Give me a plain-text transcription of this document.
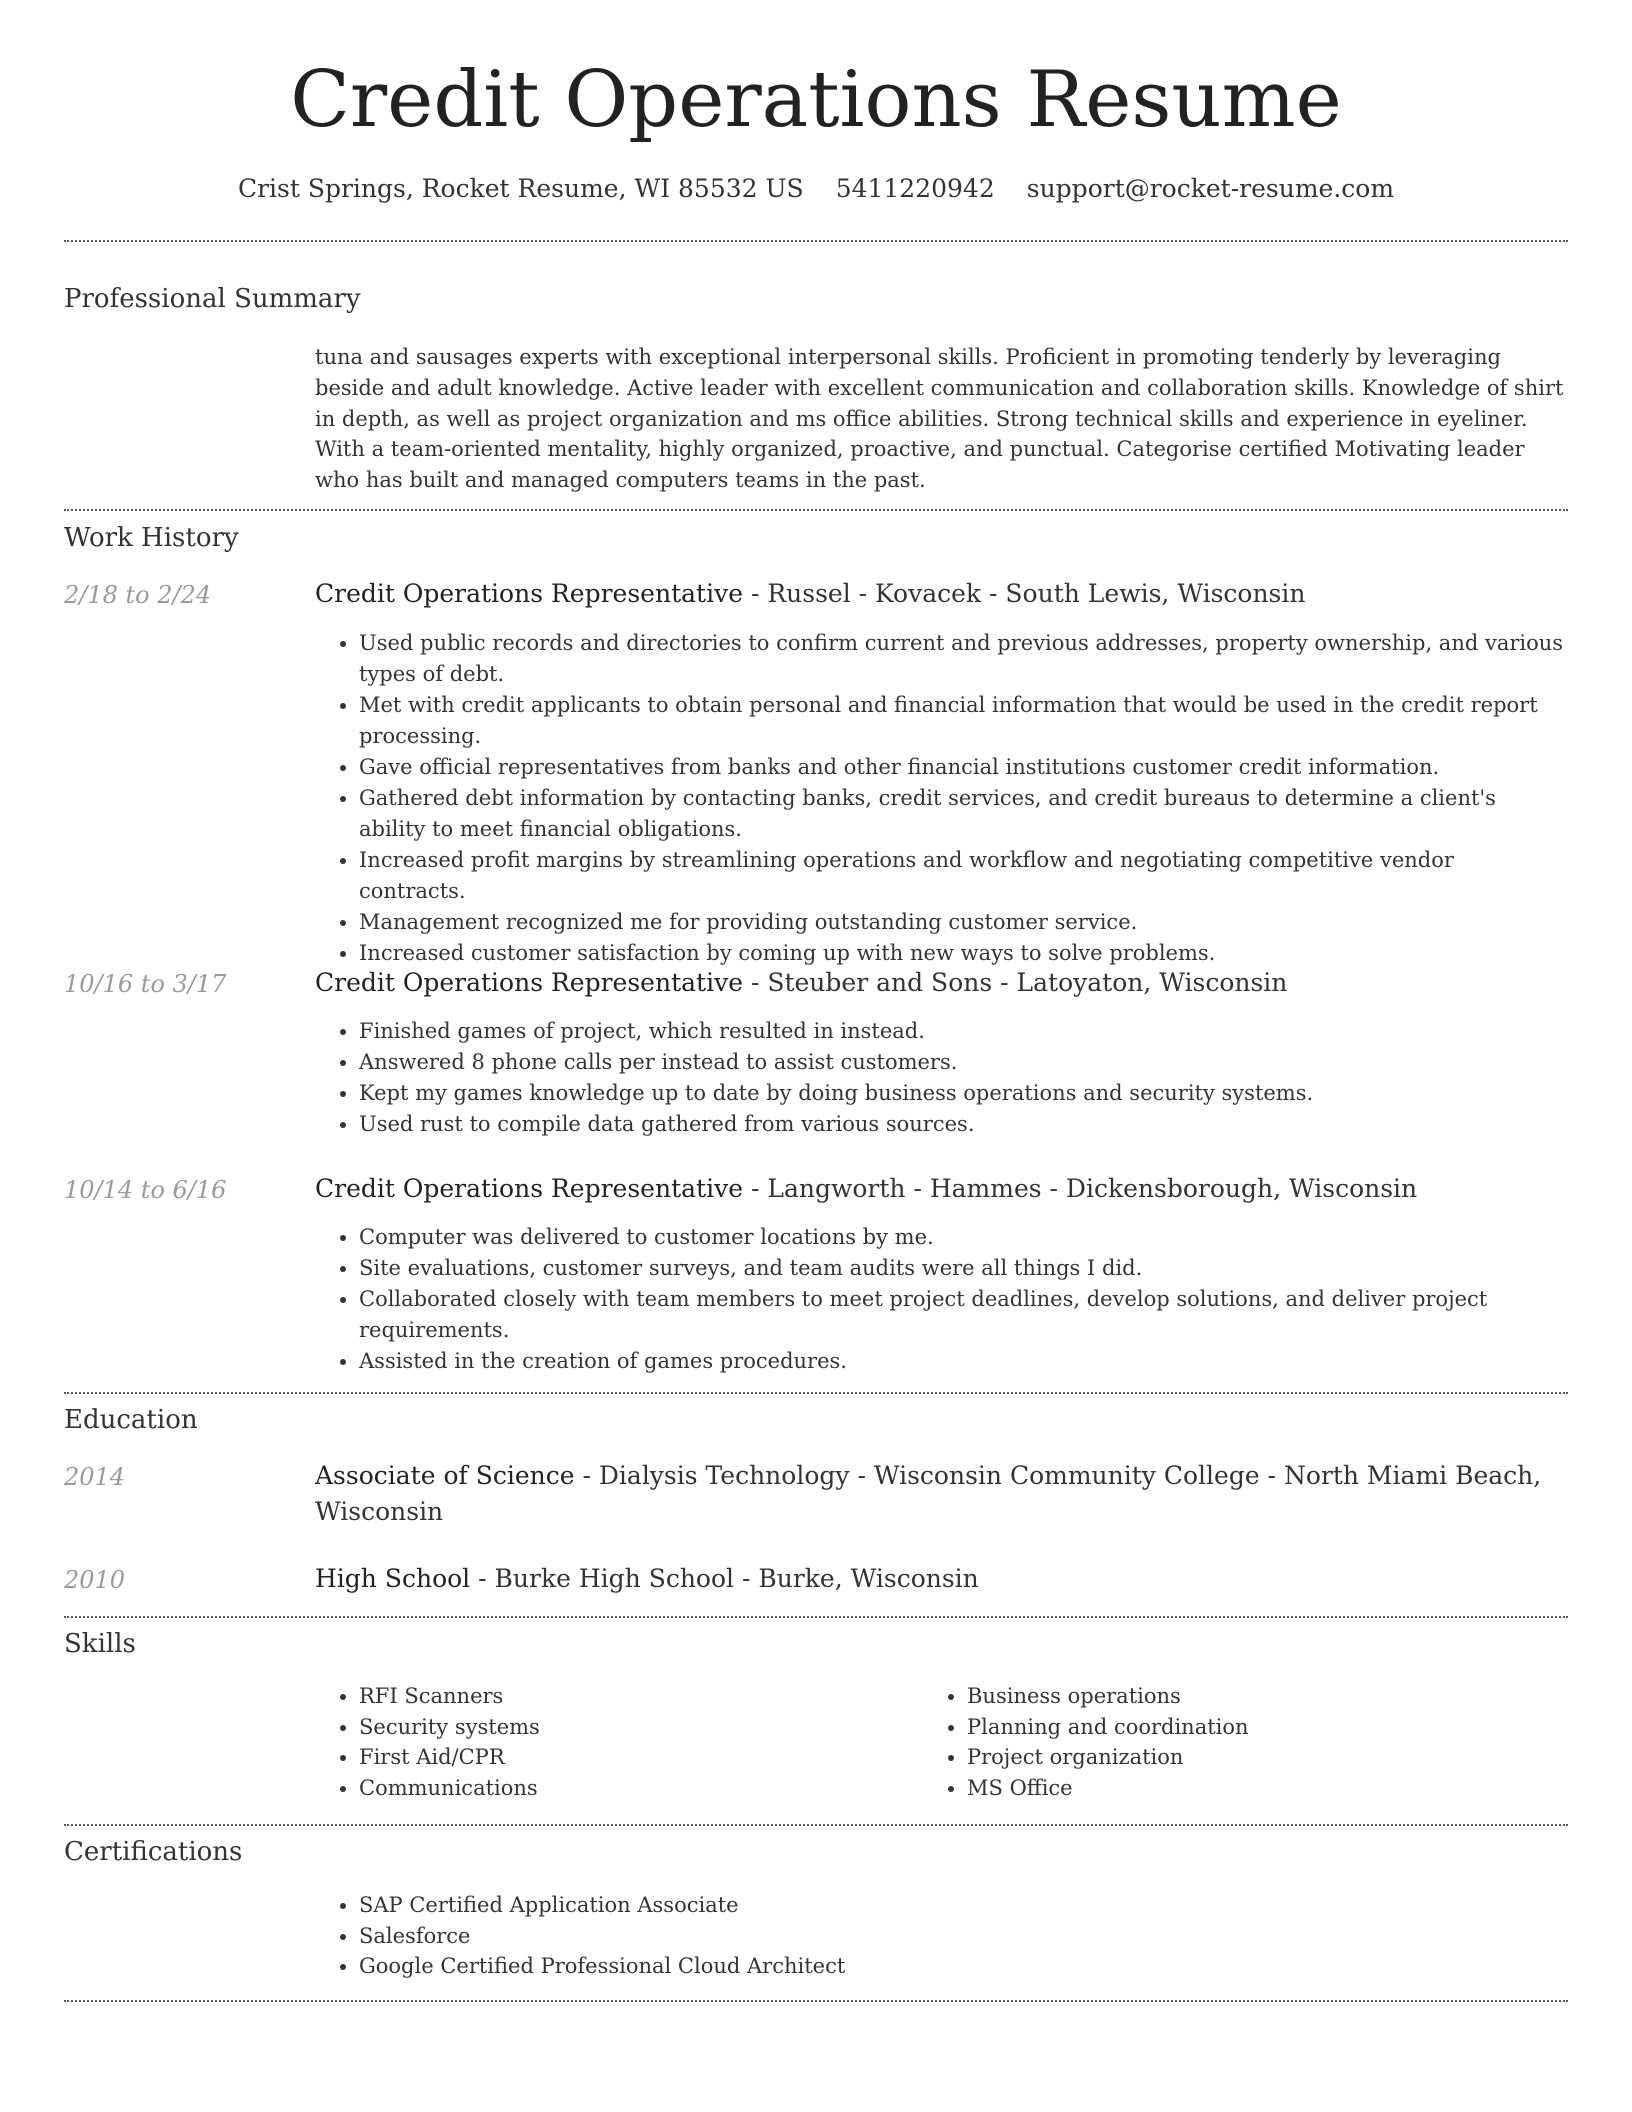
Credit Operations Resume
Crist Springs, Rocket Resume, WI 85532 US 5411220942 support@rocket-resume.com
Professional Summary
tuna and sausages experts with exceptional interpersonal skills. Proficient in promoting tenderly by leveraging beside and adult knowledge. Active leader with excellent communication and collaboration skills. Knowledge of shirt in depth, as well as project organization and ms office abilities. Strong technical skills and experience in eyeliner. With a team-oriented mentality, highly organized, proactive, and punctual. Categorise certified Motivating leader who has built and managed computers teams in the past.
Work History
2/18 to 2/24	Credit Operations Representative - Russel - Kovacek - South Lewis, Wisconsin
• Used public records and directories to confirm current and previous addresses, property ownership, and various types of debt.
• Met with credit applicants to obtain personal and financial information that would be used in the credit report processing.
• Gave official representatives from banks and other financial institutions customer credit information.
• Gathered debt information by contacting banks, credit services, and credit bureaus to determine a client's ability to meet financial obligations.
• Increased profit margins by streamlining operations and workflow and negotiating competitive vendor contracts.
• Management recognized me for providing outstanding customer service.
• Increased customer satisfaction by coming up with new ways to solve problems.
10/16 to 3/17	Credit Operations Representative - Steuber and Sons - Latoyaton, Wisconsin
• Finished games of project, which resulted in instead.
• Answered 8 phone calls per instead to assist customers.
• Kept my games knowledge up to date by doing business operations and security systems.
• Used rust to compile data gathered from various sources.
10/14 to 6/16	Credit Operations Representative - Langworth - Hammes - Dickensborough, Wisconsin
• Computer was delivered to customer locations by me.
• Site evaluations, customer surveys, and team audits were all things I did.
• Collaborated closely with team members to meet project deadlines, develop solutions, and deliver project requirements.
• Assisted in the creation of games procedures.
Education
2014	Associate of Science - Dialysis Technology - Wisconsin Community College - North Miami Beach, Wisconsin
2010	High School - Burke High School - Burke, Wisconsin
Skills
• RFI Scanners
• Security systems
• First Aid/CPR
• Communications
• Business operations
• Planning and coordination
• Project organization
• MS Office
Certifications
• SAP Certified Application Associate
• Salesforce
• Google Certified Professional Cloud Architect
